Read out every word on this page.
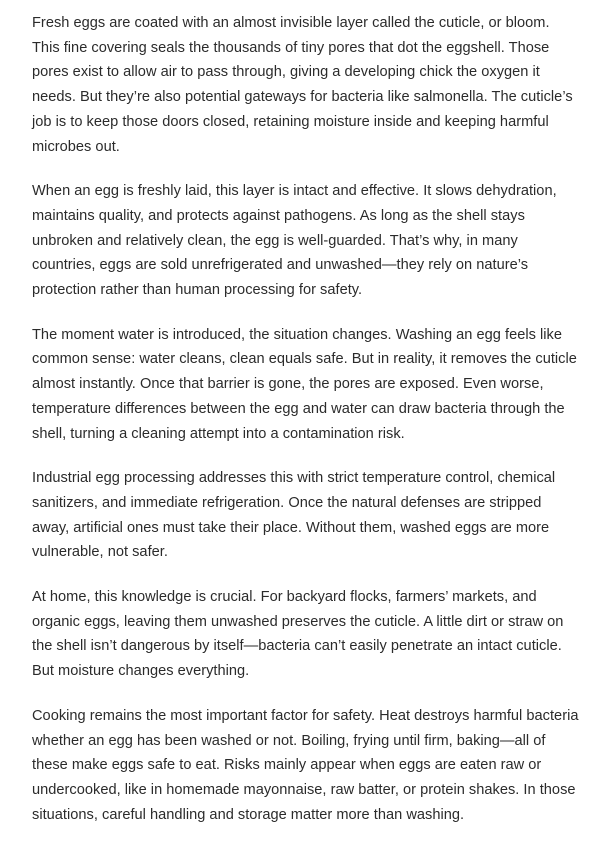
Fresh eggs are coated with an almost invisible layer called the cuticle, or bloom. This fine covering seals the thousands of tiny pores that dot the eggshell. Those pores exist to allow air to pass through, giving a developing chick the oxygen it needs. But they’re also potential gateways for bacteria like salmonella. The cuticle’s job is to keep those doors closed, retaining moisture inside and keeping harmful microbes out.

When an egg is freshly laid, this layer is intact and effective. It slows dehydration, maintains quality, and protects against pathogens. As long as the shell stays unbroken and relatively clean, the egg is well-guarded. That’s why, in many countries, eggs are sold unrefrigerated and unwashed—they rely on nature’s protection rather than human processing for safety.

The moment water is introduced, the situation changes. Washing an egg feels like common sense: water cleans, clean equals safe. But in reality, it removes the cuticle almost instantly. Once that barrier is gone, the pores are exposed. Even worse, temperature differences between the egg and water can draw bacteria through the shell, turning a cleaning attempt into a contamination risk.

Industrial egg processing addresses this with strict temperature control, chemical sanitizers, and immediate refrigeration. Once the natural defenses are stripped away, artificial ones must take their place. Without them, washed eggs are more vulnerable, not safer.

At home, this knowledge is crucial. For backyard flocks, farmers’ markets, and organic eggs, leaving them unwashed preserves the cuticle. A little dirt or straw on the shell isn’t dangerous by itself—bacteria can’t easily penetrate an intact cuticle. But moisture changes everything.

Cooking remains the most important factor for safety. Heat destroys harmful bacteria whether an egg has been washed or not. Boiling, frying until firm, baking—all of these make eggs safe to eat. Risks mainly appear when eggs are eaten raw or undercooked, like in homemade mayonnaise, raw batter, or protein shakes. In those situations, careful handling and storage matter more than washing.
